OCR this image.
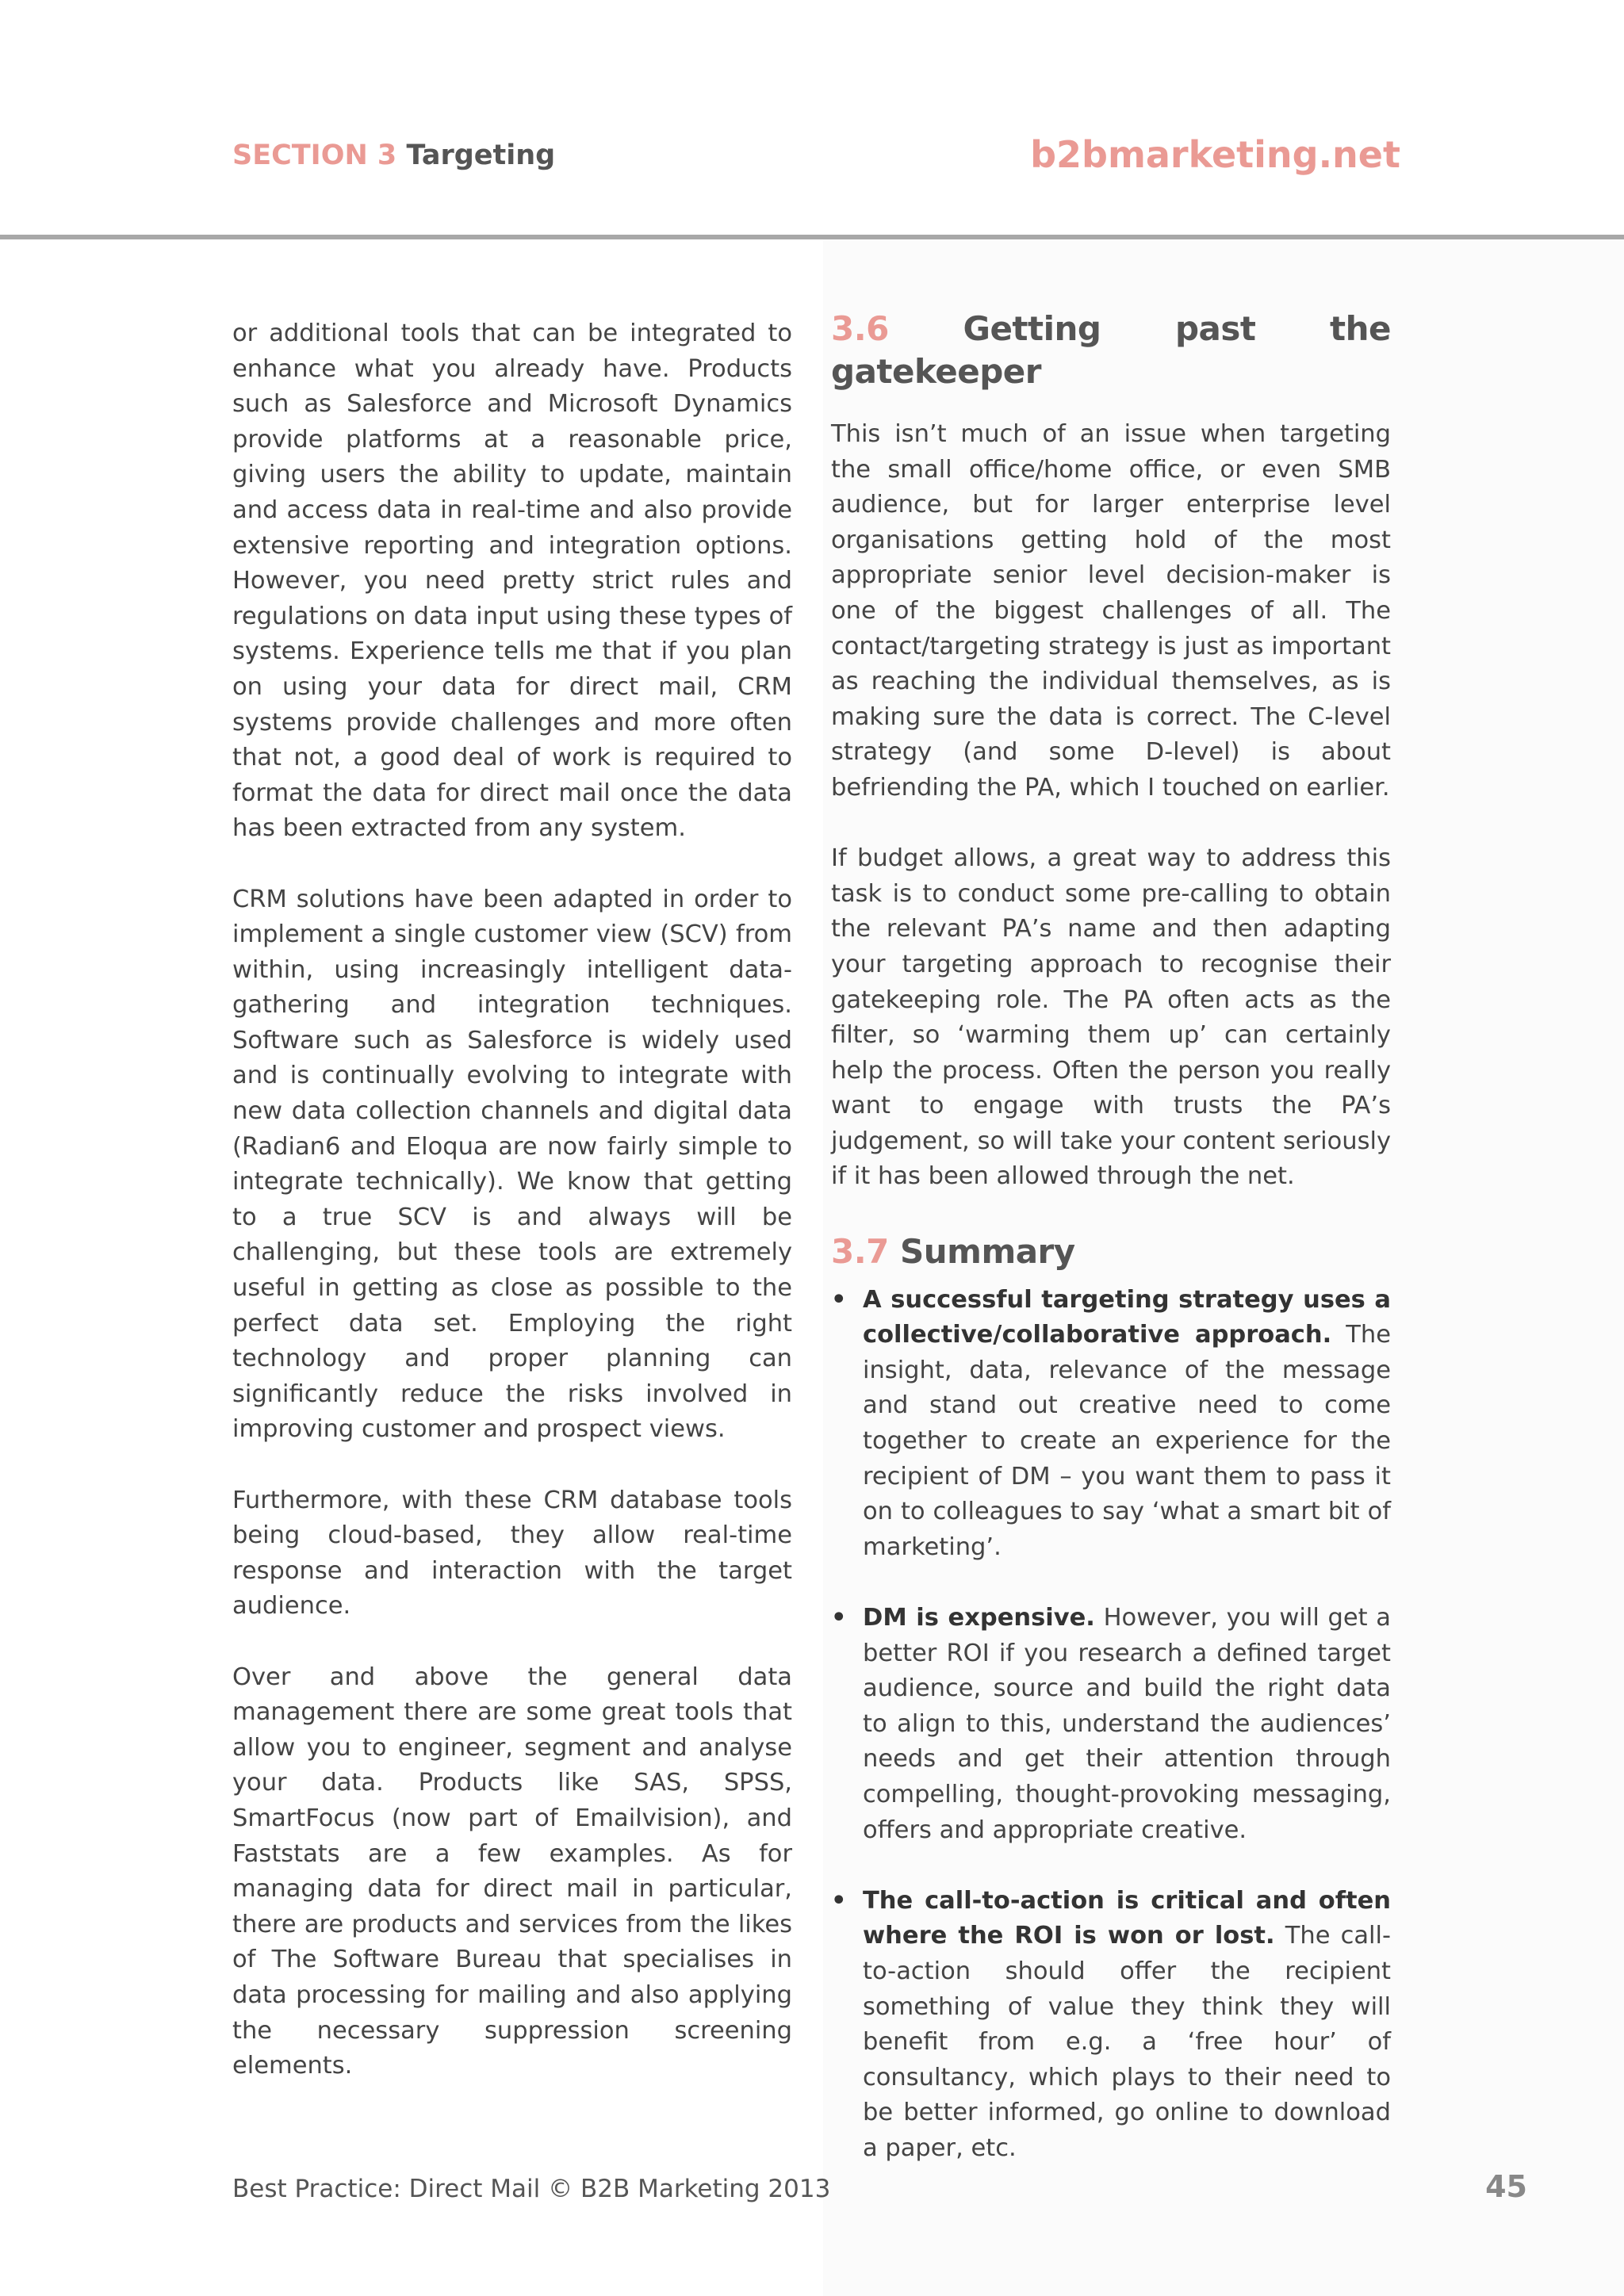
SECTION 3 Targeting	b2bmarketing.net

or additional tools that can be integrated to enhance what you already have. Products such as Salesforce and Microsoft Dynamics provide platforms at a reasonable price, giving users the ability to update, maintain and access data in real-time and also provide extensive reporting and integration options. However, you need pretty strict rules and regulations on data input using these types of systems. Experience tells me that if you plan on using your data for direct mail, CRM systems provide challenges and more often that not, a good deal of work is required to format the data for direct mail once the data has been extracted from any system.

CRM solutions have been adapted in order to implement a single customer view (SCV) from within, using increasingly intelligent data-gathering and integration techniques. Software such as Salesforce is widely used and is continually evolving to integrate with new data collection channels and digital data (Radian6 and Eloqua are now fairly simple to integrate technically). We know that getting to a true SCV is and always will be challenging, but these tools are extremely useful in getting as close as possible to the perfect data set. Employing the right technology and proper planning can significantly reduce the risks involved in improving customer and prospect views.

Furthermore, with these CRM database tools being cloud-based, they allow real-time response and interaction with the target audience.

Over and above the general data management there are some great tools that allow you to engineer, segment and analyse your data. Products like SAS, SPSS, SmartFocus (now part of Emailvision), and Faststats are a few examples. As for managing data for direct mail in particular, there are products and services from the likes of The Software Bureau that specialises in data processing for mailing and also applying the necessary suppression screening elements.

3.6 Getting past the gatekeeper

This isn’t much of an issue when targeting the small office/home office, or even SMB audience, but for larger enterprise level organisations getting hold of the most appropriate senior level decision-maker is one of the biggest challenges of all. The contact/targeting strategy is just as important as reaching the individual themselves, as is making sure the data is correct. The C-level strategy (and some D-level) is about befriending the PA, which I touched on earlier.

If budget allows, a great way to address this task is to conduct some pre-calling to obtain the relevant PA’s name and then adapting your targeting approach to recognise their gatekeeping role. The PA often acts as the filter, so ‘warming them up’ can certainly help the process. Often the person you really want to engage with trusts the PA’s judgement, so will take your content seriously if it has been allowed through the net.

3.7 Summary
• A successful targeting strategy uses a collective/collaborative approach. The insight, data, relevance of the message and stand out creative need to come together to create an experience for the recipient of DM – you want them to pass it on to colleagues to say ‘what a smart bit of marketing’.
• DM is expensive. However, you will get a better ROI if you research a defined target audience, source and build the right data to align to this, understand the audiences’ needs and get their attention through compelling, thought-provoking messaging, offers and appropriate creative.
• The call-to-action is critical and often where the ROI is won or lost. The call-to-action should offer the recipient something of value they think they will benefit from e.g. a ‘free hour’ of consultancy, which plays to their need to be better informed, go online to download a paper, etc.
Best Practice: Direct Mail © B2B Marketing 2013	45
